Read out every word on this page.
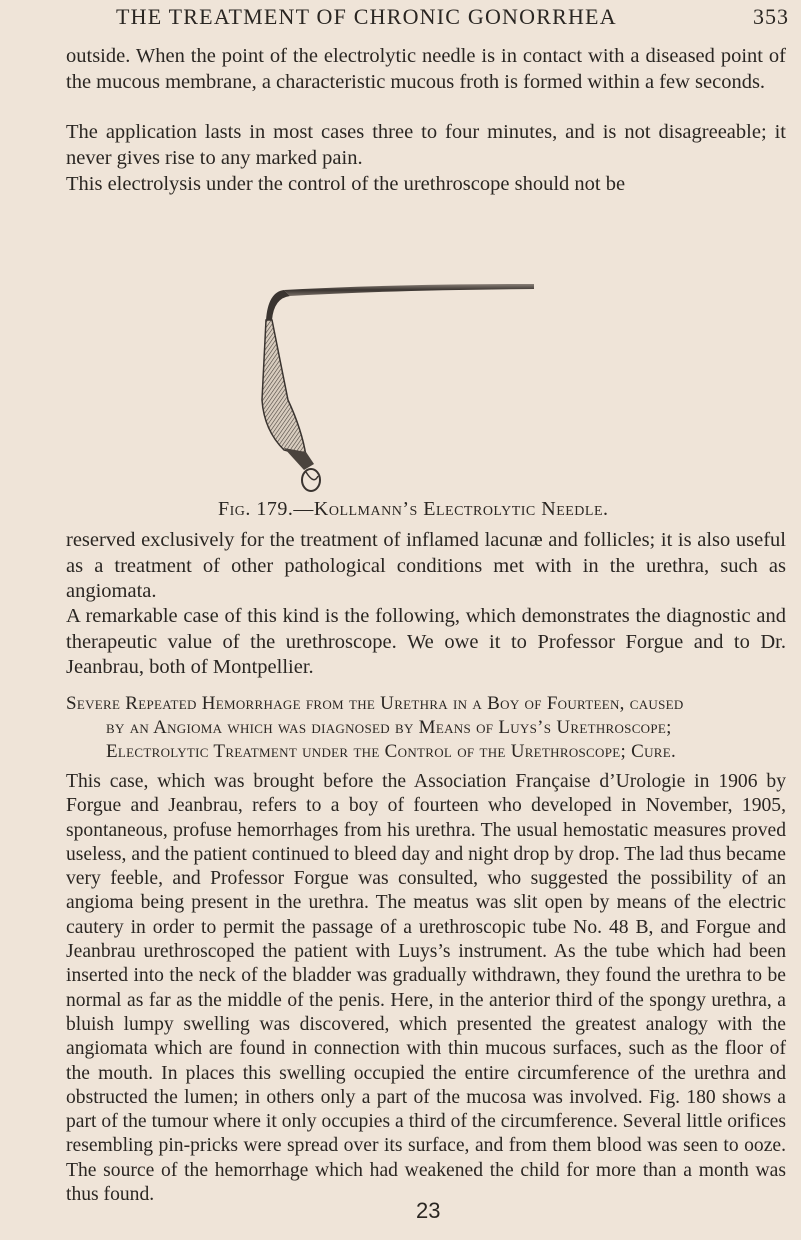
THE TREATMENT OF CHRONIC GONORRHEA	353

outside. When the point of the electrolytic needle is in contact with a diseased point of the mucous membrane, a characteristic mucous froth is formed within a few seconds.

The application lasts in most cases three to four minutes, and is not disagreeable; it never gives rise to any marked pain.

This electrolysis under the control of the urethroscope should not be

Fig. 179.—Kollmann’s Electrolytic Needle.

reserved exclusively for the treatment of inflamed lacunæ and follicles; it is also useful as a treatment of other pathological conditions met with in the urethra, such as angiomata.

A remarkable case of this kind is the following, which demonstrates the diagnostic and therapeutic value of the urethroscope. We owe it to Professor Forgue and to Dr. Jeanbrau, both of Montpellier.

Severe Repeated Hemorrhage from the Urethra in a Boy of Fourteen, caused
by an Angioma which was diagnosed by Means of Luys’s Urethroscope;
Electrolytic Treatment under the Control of the Urethroscope; Cure.

This case, which was brought before the Association Française d’Urologie in 1906 by Forgue and Jeanbrau, refers to a boy of fourteen who developed in November, 1905, spontaneous, profuse hemorrhages from his urethra. The usual hemostatic measures proved useless, and the patient continued to bleed day and night drop by drop. The lad thus became very feeble, and Professor Forgue was consulted, who suggested the possibility of an angioma being present in the urethra. The meatus was slit open by means of the electric cautery in order to permit the passage of a urethroscopic tube No. 48 B, and Forgue and Jeanbrau urethroscoped the patient with Luys’s instrument. As the tube which had been inserted into the neck of the bladder was gradually withdrawn, they found the urethra to be normal as far as the middle of the penis. Here, in the anterior third of the spongy urethra, a bluish lumpy swelling was discovered, which presented the greatest analogy with the angiomata which are found in connection with thin mucous surfaces, such as the floor of the mouth. In places this swelling occupied the entire circumference of the urethra and obstructed the lumen; in others only a part of the mucosa was involved. Fig. 180 shows a part of the tumour where it only occupies a third of the circumference. Several little orifices resembling pin-pricks were spread over its surface, and from them blood was seen to ooze. The source of the hemorrhage which had weakened the child for more than a month was thus found.

23
